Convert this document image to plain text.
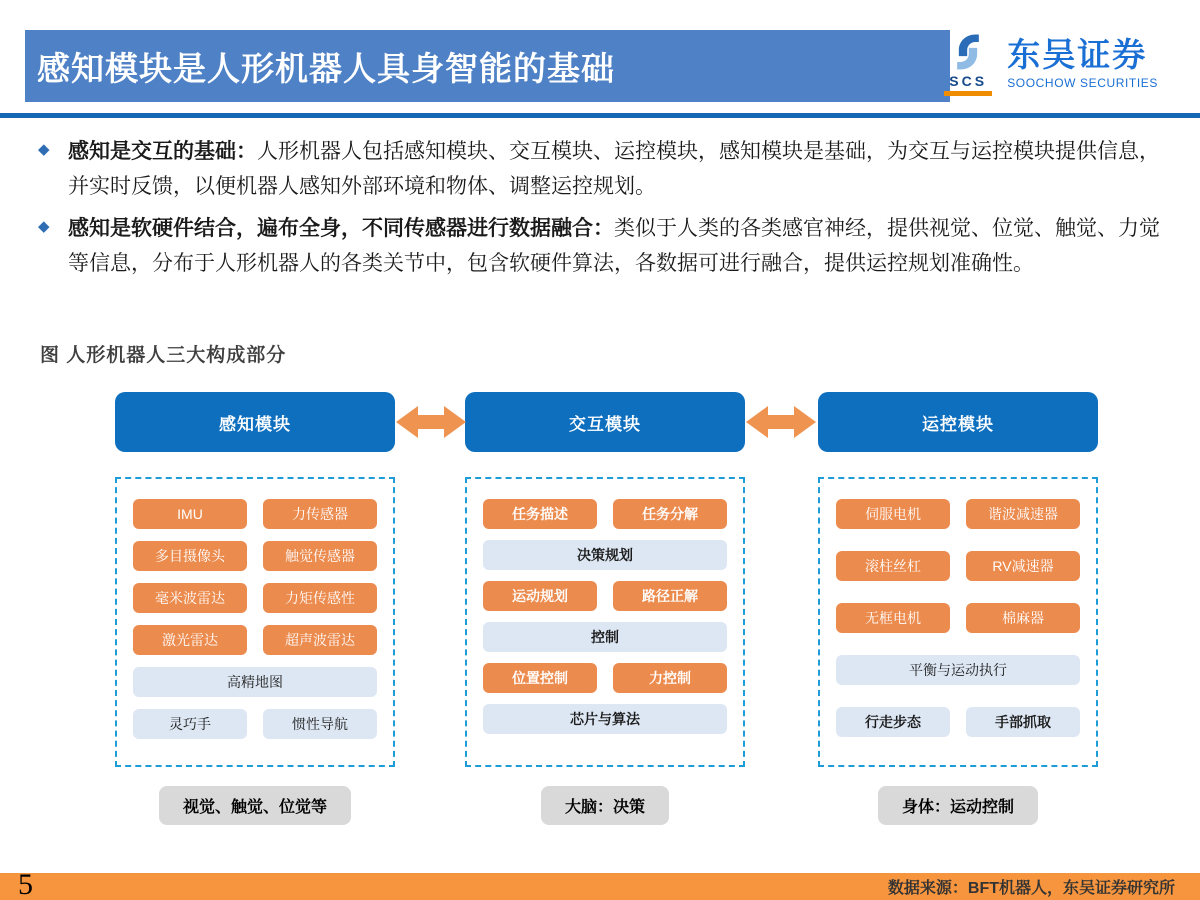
感知模块是人形机器人具身智能的基础	SCS
东吴证券
SOOCHOW SECURITIES
◆ 感知是交互的基础：人形机器人包括感知模块、交互模块、运控模块，感知模块是基础，为交互与运控模块提供信息，并实时反馈，以便机器人感知外部环境和物体、调整运控规划。

◆ 感知是软硬件结合，遍布全身，不同传感器进行数据融合：类似于人类的各类感官神经，提供视觉、位觉、触觉、力觉等信息，分布于人形机器人的各类关节中，包含软硬件算法，各数据可进行融合，提供运控规划准确性。

图 人形机器人三大构成部分
感知模块	交互模块	运控模块
IMU	力传感器
多目摄像头	触觉传感器
毫米波雷达	力矩传感性
激光雷达	超声波雷达
高精地图
灵巧手	惯性导航
任务描述	任务分解
决策规划
运动规划	路径正解
控制
位置控制	力控制
芯片与算法
伺服电机	谐波减速器
滚柱丝杠	RV减速器
无框电机	棉麻器
平衡与运动执行
行走步态	手部抓取
视觉、触觉、位觉等	大脑：决策	身体：运动控制
5	数据来源：BFT机器人，东吴证券研究所
